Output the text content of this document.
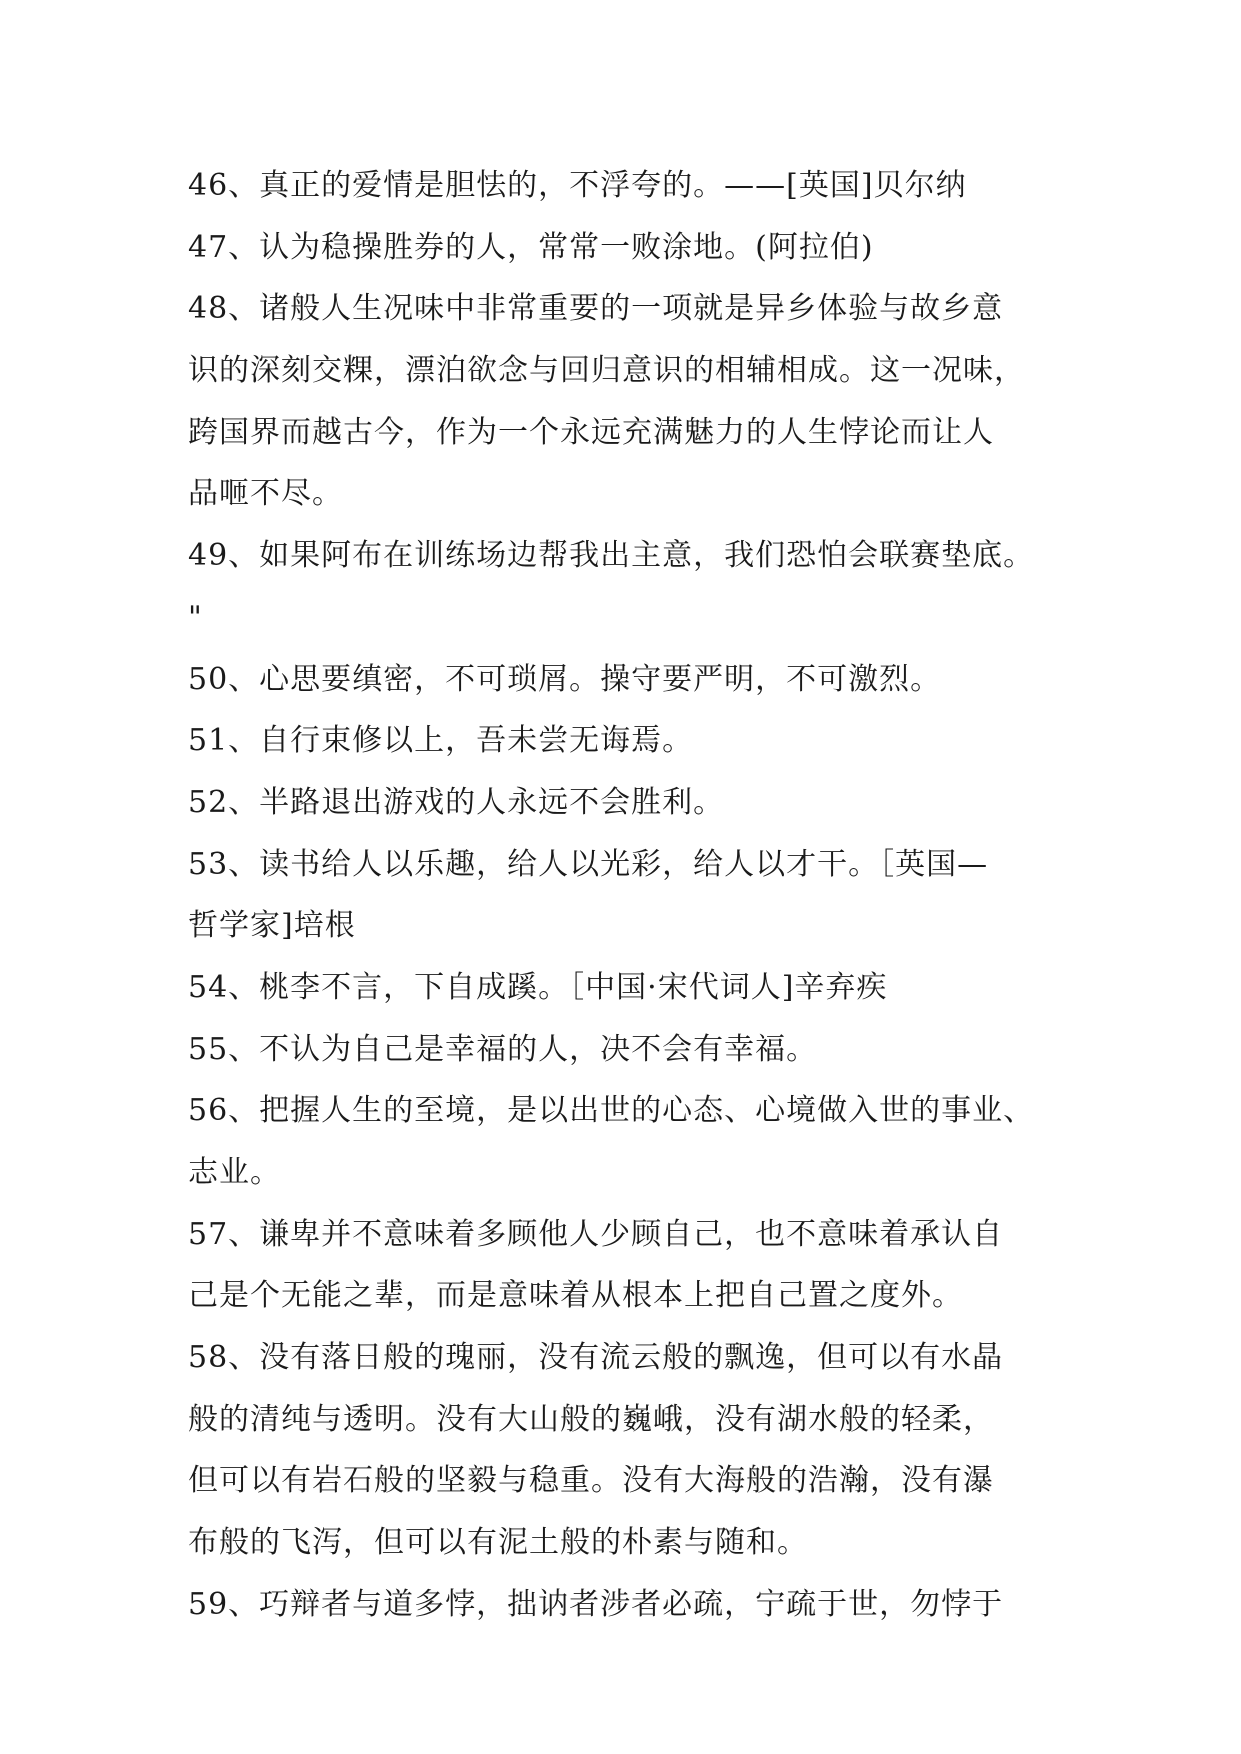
46、真正的爱情是胆怯的，不浮夸的。——[英国]贝尔纳
47、认为稳操胜券的人，常常一败涂地。(阿拉伯)
48、诸般人生况味中非常重要的一项就是异乡体验与故乡意
识的深刻交粿，漂泊欲念与回归意识的相辅相成。这一况味，
跨国界而越古今，作为一个永远充满魅力的人生悖论而让人
品咂不尽。
49、如果阿布在训练场边帮我出主意，我们恐怕会联赛垫底。
"
50、心思要缜密，不可琐屑。操守要严明，不可激烈。
51、自行束修以上，吾未尝无诲焉。
52、半路退出游戏的人永远不会胜利。
53、读书给人以乐趣，给人以光彩，给人以才干。［英国—
哲学家]培根
54、桃李不言，下自成蹊。［中国·宋代词人]辛弃疾
55、不认为自己是幸福的人，决不会有幸福。
56、把握人生的至境，是以出世的心态、心境做入世的事业、
志业。
57、谦卑并不意味着多顾他人少顾自己，也不意味着承认自
己是个无能之辈，而是意味着从根本上把自己置之度外。
58、没有落日般的瑰丽，没有流云般的飘逸，但可以有水晶
般的清纯与透明。没有大山般的巍峨，没有湖水般的轻柔，
但可以有岩石般的坚毅与稳重。没有大海般的浩瀚，没有瀑
布般的飞泻，但可以有泥土般的朴素与随和。
59、巧辩者与道多悖，拙讷者涉者必疏，宁疏于世，勿悖于
